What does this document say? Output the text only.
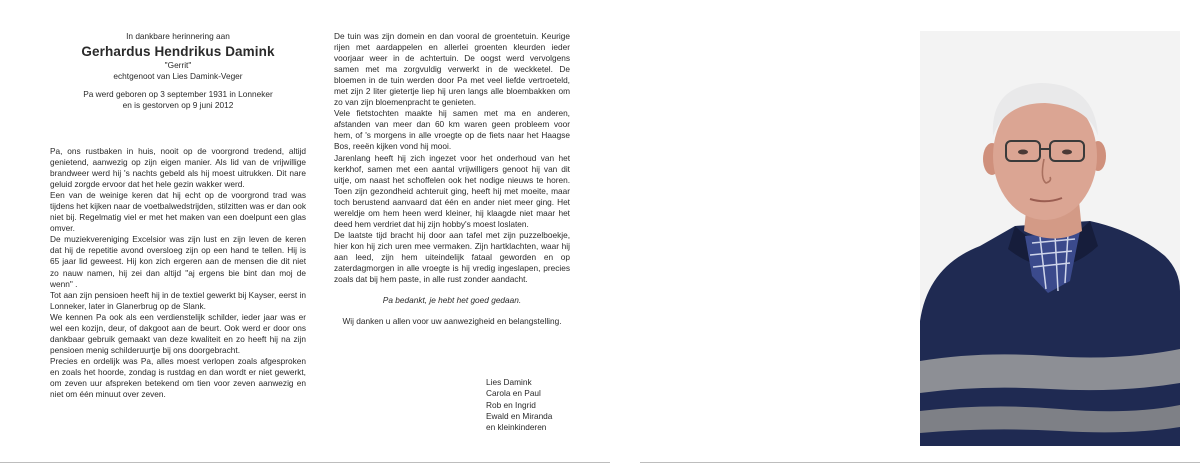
In dankbare herinnering aan
Gerhardus Hendrikus Damink
"Gerrit"
echtgenoot van Lies Damink-Veger
Pa werd geboren op 3 september 1931 in Lonneker
en is gestorven op 9 juni 2012

Pa, ons rustbaken in huis, nooit op de voorgrond tredend, altijd genietend, aanwezig op zijn eigen manier. Als lid van de vrijwillige brandweer werd hij 's nachts gebeld als hij moest uitrukken. Dit nare geluid zorgde ervoor dat het hele gezin wakker werd.

Een van de weinige keren dat hij echt op de voorgrond trad was tijdens het kijken naar de voetbalwedstrijden, stilzitten was er dan ook niet bij. Regelmatig viel er met het maken van een doelpunt een glas omver.

De muziekvereniging Excelsior was zijn lust en zijn leven de keren dat hij de repetitie avond oversloeg zijn op een hand te tellen. Hij is 65 jaar lid geweest. Hij kon zich ergeren aan de mensen die dit niet zo nauw namen, hij zei dan altijd "aj ergens bie bint dan moj de wenn" .

Tot aan zijn pensioen heeft hij in de textiel gewerkt bij Kayser, eerst in Lonneker, later in Glanerbrug op de Slank.

We kennen Pa ook als een verdienstelijk schilder, ieder jaar was er wel een kozijn, deur, of dakgoot aan de beurt. Ook werd er door ons dankbaar gebruik gemaakt van deze kwaliteit en zo heeft hij na zijn pensioen menig schilderuurtje bij ons doorgebracht.

Precies en ordelijk was Pa, alles moest verlopen zoals afgesproken en zoals het hoorde, zondag is rustdag en dan wordt er niet gewerkt, om zeven uur afspreken betekend om tien voor zeven aanwezig en niet om één minuut over zeven.

De tuin was zijn domein en dan vooral de groentetuin. Keurige rijen met aardappelen en allerlei groenten kleurden ieder voorjaar weer in de achtertuin. De oogst werd vervolgens samen met ma zorgvuldig verwerkt in de weckketel. De bloemen in de tuin werden door Pa met veel liefde vertroeteld, met zijn 2 liter gietertje liep hij uren langs alle bloembakken om zo van zijn bloemenpracht te genieten.

Vele fietstochten maakte hij samen met ma en anderen, afstanden van meer dan 60 km waren geen probleem voor hem, of 's morgens in alle vroegte op de fiets naar het Haagse Bos, reeën kijken vond hij mooi.

Jarenlang heeft hij zich ingezet voor het onderhoud van het kerkhof, samen met een aantal vrijwilligers genoot hij van dit uitje, om naast het schoffelen ook het nodige nieuws te horen. Toen zijn gezondheid achteruit ging, heeft hij met moeite, maar toch berustend aanvaard dat één en ander niet meer ging. Het wereldje om hem heen werd kleiner, hij klaagde niet maar het deed hem verdriet dat hij zijn hobby's moest loslaten.

De laatste tijd bracht hij door aan tafel met zijn puzzelboekje, hier kon hij zich uren mee vermaken. Zijn hartklachten, waar hij aan leed, zijn hem uiteindelijk fataal geworden en op zaterdagmorgen in alle vroegte is hij vredig ingeslapen, precies zoals dat bij hem paste, in alle rust zonder aandacht.

Pa bedankt, je hebt het goed gedaan.

Wij danken u allen voor uw aanwezigheid en belangstelling.

Lies Damink
Carola en Paul
Rob en Ingrid
Ewald en Miranda
en kleinkinderen
